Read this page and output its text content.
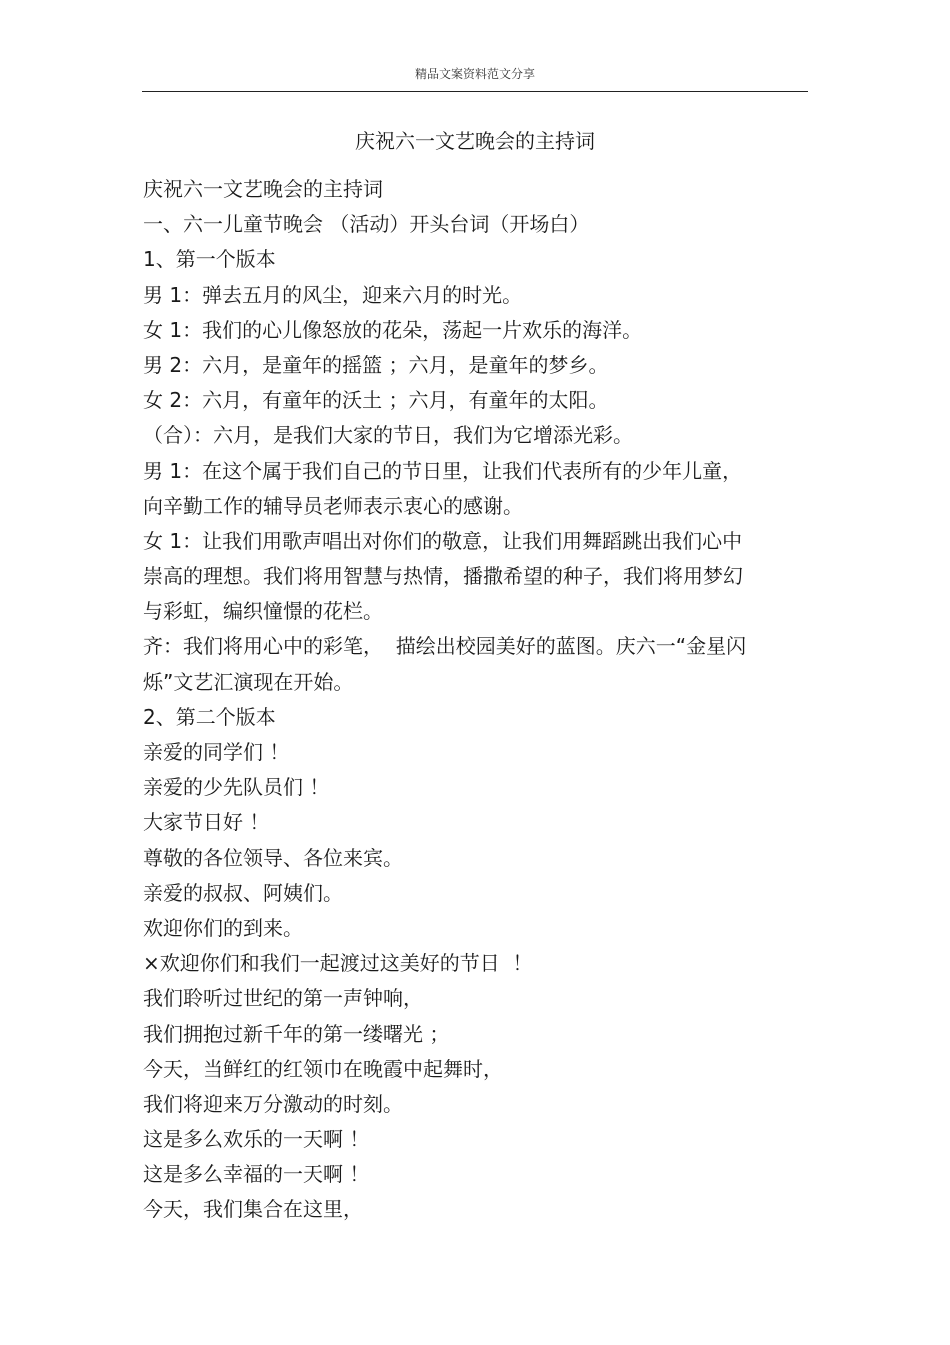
精品文案资料范文分享
庆祝六一文艺晚会的主持词
庆祝六一文艺晚会的主持词
一、六一儿童节晚会 （活动）开头台词（开场白）
1、第一个版本
男 1：弹去五月的风尘，迎来六月的时光。
女 1：我们的心儿像怒放的花朵，荡起一片欢乐的海洋。
男 2：六月，是童年的摇篮 ；六月，是童年的梦乡。
女 2：六月，有童年的沃土 ；六月，有童年的太阳。
（合）：六月，是我们大家的节日，我们为它增添光彩。
男 1：在这个属于我们自己的节日里，让我们代表所有的少年儿童，
向辛勤工作的辅导员老师表示衷心的感谢。
女 1：让我们用歌声唱出对你们的敬意，让我们用舞蹈跳出我们心中
崇高的理想。我们将用智慧与热情，播撒希望的种子，我们将用梦幻
与彩虹，编织憧憬的花栏。
齐：我们将用心中的彩笔，  描绘出校园美好的蓝图。庆六一“金星闪
烁”文艺汇演现在开始。
2、第二个版本
亲爱的同学们 ！
亲爱的少先队员们 ！
大家节日好 ！
尊敬的各位领导、各位来宾。
亲爱的叔叔、阿姨们。
欢迎你们的到来。
×欢迎你们和我们一起渡过这美好的节日  ！
我们聆听过世纪的第一声钟响，
我们拥抱过新千年的第一缕曙光 ；
今天，当鲜红的红领巾在晚霞中起舞时，
我们将迎来万分激动的时刻。
这是多么欢乐的一天啊 ！
这是多么幸福的一天啊 ！
今天，我们集合在这里，
